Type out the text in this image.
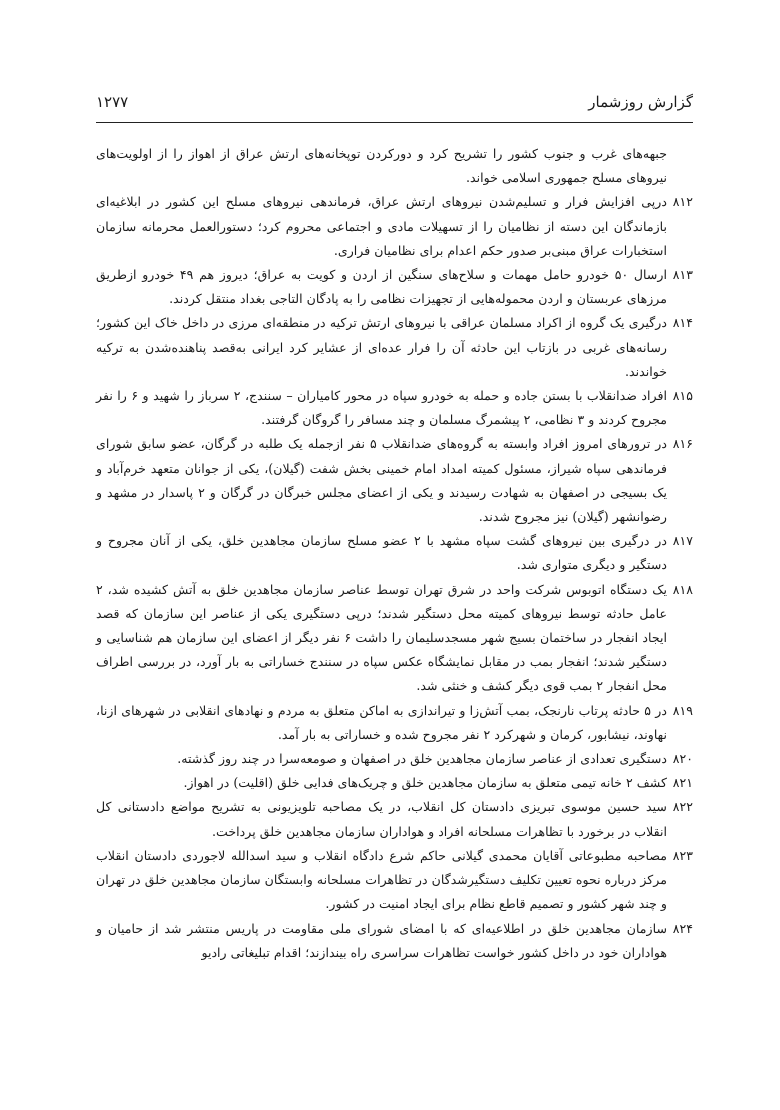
گزارش روزشمار
۱۲۷۷

جبهه‌های غرب و جنوب کشور را تشریح کرد و دورکردن توپخانه‌های ارتش عراق از اهواز را از اولویت‌های نیروهای مسلح جمهوری اسلامی خواند.

۸۱۲درپی افزایش فرار و تسلیم‌شدن نیروهای ارتش عراق، فرماندهی نیروهای مسلح این کشور در ابلاغیه‌ای بازماندگان این دسته از نظامیان را از تسهیلات مادی و اجتماعی محروم کرد؛ دستورالعمل محرمانه سازمان استخبارات عراق مبنی‌بر صدور حکم اعدام برای نظامیان فراری.

۸۱۳ارسال ۵۰ خودرو حامل مهمات و سلاح‌های سنگین از اردن و کویت به عراق؛ دیروز هم ۴۹ خودرو ازطریق مرزهای عربستان و اردن محموله‌هایی از تجهیزات نظامی را به پادگان التاجی بغداد منتقل کردند.

۸۱۴درگیری یک گروه از اکراد مسلمان عراقی با نیروهای ارتش ترکیه در منطقه‌ای مرزی در داخل خاک این کشور؛ رسانه‌های غربی در بازتاب این حادثه آن را فرار عده‌ای از عشایر کرد ایرانی به‌قصد پناهنده‌شدن به ترکیه خواندند.

۸۱۵افراد ضدانقلاب با بستن جاده و حمله به خودرو سپاه در محور کامیاران – سنندج، ۲ سرباز را شهید و ۶ را نفر مجروح کردند و ۳ نظامی، ۲ پیشمرگ مسلمان و چند مسافر را گروگان گرفتند.

۸۱۶در ترورهای امروز افراد وابسته به گروه‌های ضدانقلاب ۵ نفر ازجمله یک طلبه در گرگان، عضو سابق شورای فرماندهی سپاه شیراز، مسئول کمیته امداد امام خمینی بخش شفت (گیلان)، یکی از جوانان متعهد خرم‌آباد و یک بسیجی در اصفهان به شهادت رسیدند و یکی از اعضای مجلس خبرگان در گرگان و ۲ پاسدار در مشهد و رضوانشهر (گیلان) نیز مجروح شدند.

۸۱۷در درگیری بین نیروهای گشت سپاه مشهد با ۲ عضو مسلح سازمان مجاهدین خلق، یکی از آنان مجروح و دستگیر و دیگری متواری شد.

۸۱۸یک دستگاه اتوبوس شرکت واحد در شرق تهران توسط عناصر سازمان مجاهدین خلق به آتش کشیده شد، ۲ عامل حادثه توسط نیروهای کمیته محل دستگیر شدند؛ درپی دستگیری یکی از عناصر این سازمان که قصد ایجاد انفجار در ساختمان بسیج شهر مسجدسلیمان را داشت ۶ نفر دیگر از اعضای این سازمان هم شناسایی و دستگیر شدند؛ انفجار بمب در مقابل نمایشگاه عکس سپاه در سنندج خساراتی به بار آورد، در بررسی اطراف محل انفجار ۲ بمب قوی دیگر کشف و خنثی شد.

۸۱۹در ۵ حادثه پرتاب نارنجک، بمب آتش‌زا و تیراندازی به اماکن متعلق به مردم و نهادهای انقلابی در شهرهای ازنا، نهاوند، نیشابور، کرمان و شهرکرد ۲ نفر مجروح شده و خساراتی به بار آمد.

۸۲۰دستگیری تعدادی از عناصر سازمان مجاهدین خلق در اصفهان و صومعه‌سرا در چند روز گذشته.

۸۲۱کشف ۲ خانه تیمی متعلق به سازمان مجاهدین خلق و چریک‌های فدایی خلق (اقلیت) در اهواز.

۸۲۲سید حسین موسوی تبریزی دادستان کل انقلاب، در یک مصاحبه تلویزیونی به تشریح مواضع دادستانی کل انقلاب در برخورد با تظاهرات مسلحانه افراد و هواداران سازمان مجاهدین خلق پرداخت.

۸۲۳مصاحبه مطبوعاتی آقایان محمدی گیلانی حاکم شرع دادگاه انقلاب و سید اسدالله لاجوردی دادستان انقلاب مرکز درباره نحوه تعیین تکلیف دستگیرشدگان در تظاهرات مسلحانه وابستگان سازمان مجاهدین خلق در تهران و چند شهر کشور و تصمیم قاطع نظام برای ایجاد امنیت در کشور.

۸۲۴سازمان مجاهدین خلق در اطلاعیه‌ای که با امضای شورای ملی مقاومت در پاریس منتشر شد از حامیان و هواداران خود در داخل کشور خواست تظاهرات سراسری راه بیندازند؛ اقدام تبلیغاتی رادیو
